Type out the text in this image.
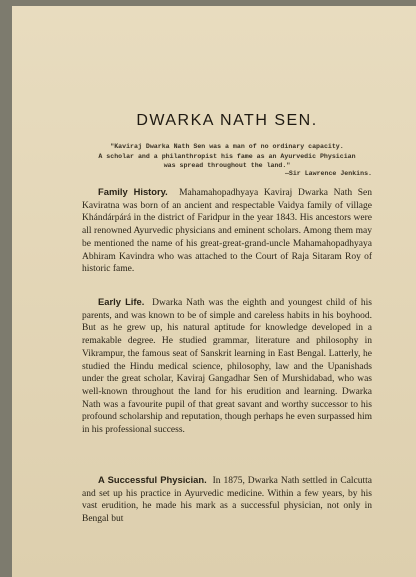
DWARKA NATH SEN.
"Kaviraj Dwarka Nath Sen was a man of no ordinary capacity.
A scholar and a philanthropist his fame as an Ayurvedic Physician
was spread throughout the land."
—Sir Lawrence Jenkins.
Family History. Mahamahopadhyaya Kaviraj Dwarka Nath Sen Kaviratna was born of an ancient and respectable Vaidya family of village Khándárpárá in the district of Faridpur in the year 1843. His ancestors were all renowned Ayurvedic physicians and eminent scholars. Among them may be mentioned the name of his great-great-grand-uncle Mahamahopadhyaya Abhiram Kavindra who was attached to the Court of Raja Sitaram Roy of historic fame.
Early Life. Dwarka Nath was the eighth and youngest child of his parents, and was known to be of simple and careless habits in his boyhood. But as he grew up, his natural aptitude for knowledge developed in a remakable degree. He studied grammar, literature and philosophy in Vikrampur, the famous seat of Sanskrit learning in East Bengal. Latterly, he studied the Hindu medical science, philosophy, law and the Upanishads under the great scholar, Kaviraj Gangadhar Sen of Murshidabad, who was well-known throughout the land for his erudition and learning. Dwarka Nath was a favourite pupil of that great savant and worthy successor to his profound scholarship and reputation, though perhaps he even surpassed him in his professional success.
A Successful Physician. In 1875, Dwarka Nath settled in Calcutta and set up his practice in Ayurvedic medicine. Within a few years, by his vast erudition, he made his mark as a successful physician, not only in Bengal but
